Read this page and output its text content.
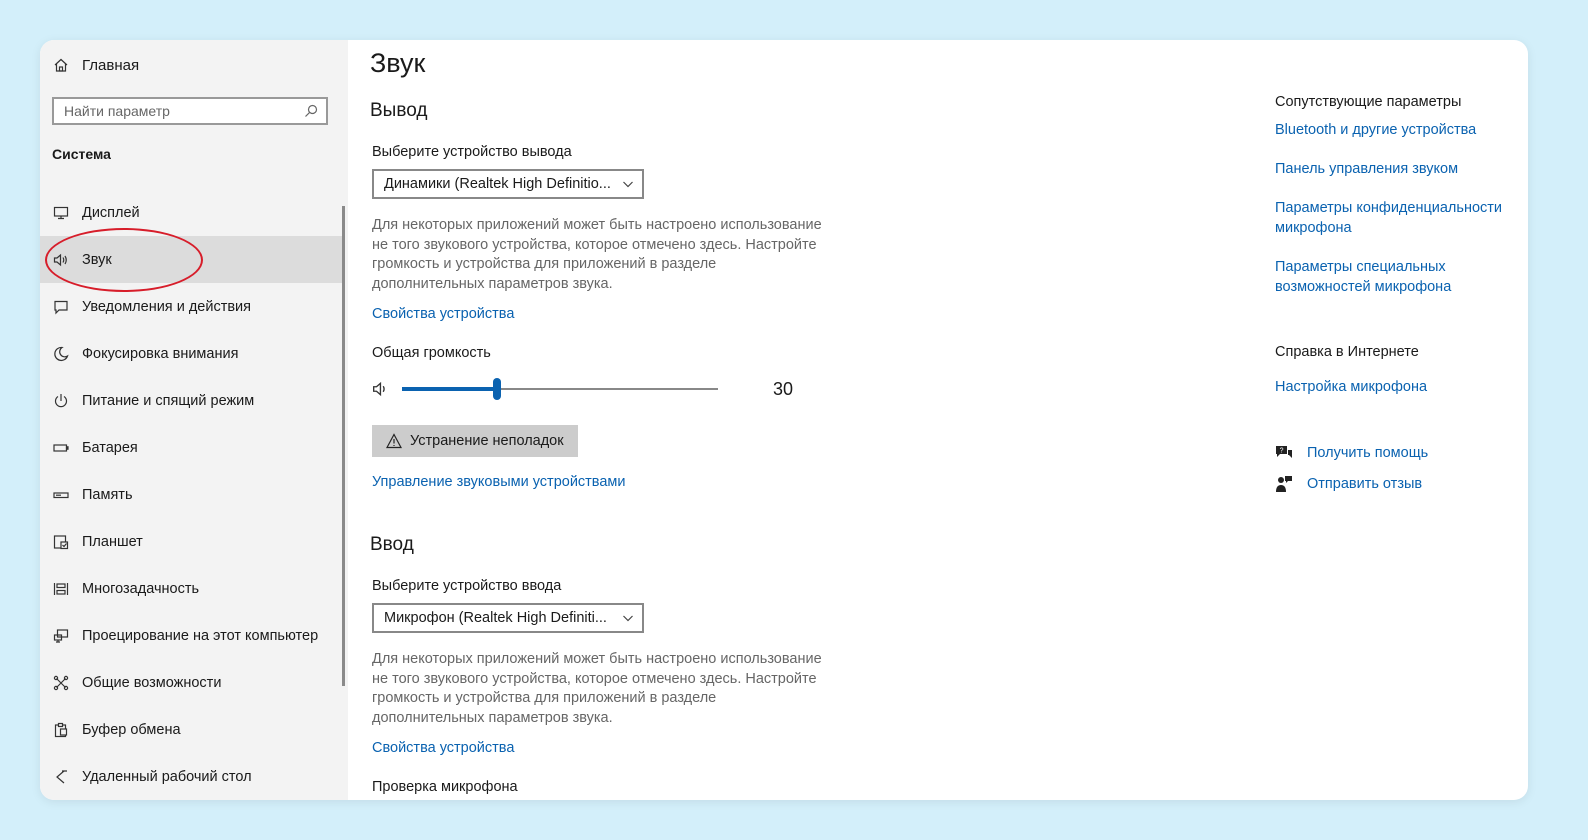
Главная
Найти параметр
Система
Дисплей
Звук
Уведомления и действия
Фокусировка внимания
Питание и спящий режим
Батарея
Память
Планшет
Многозадачность
Проецирование на этот компьютер
Общие возможности
Буфер обмена
Удаленный рабочий стол
Звук
Вывод
Выберите устройство вывода
Динамики (Realtek High Definitio...
Для некоторых приложений может быть настроено использование не того звукового устройства, которое отмечено здесь. Настройте громкость и устройства для приложений в разделе дополнительных параметров звука.
Свойства устройства
Общая громкость
30
Устранение неполадок
Управление звуковыми устройствами
Ввод
Выберите устройство ввода
Микрофон (Realtek High Definiti...
Для некоторых приложений может быть настроено использование не того звукового устройства, которое отмечено здесь. Настройте громкость и устройства для приложений в разделе дополнительных параметров звука.
Свойства устройства
Проверка микрофона
Сопутствующие параметры
Bluetooth и другие устройства
Панель управления звуком
Параметры конфиденциальности микрофона
Параметры специальных возможностей микрофона
Справка в Интернете
Настройка микрофона
? Получить помощь
Отправить отзыв
